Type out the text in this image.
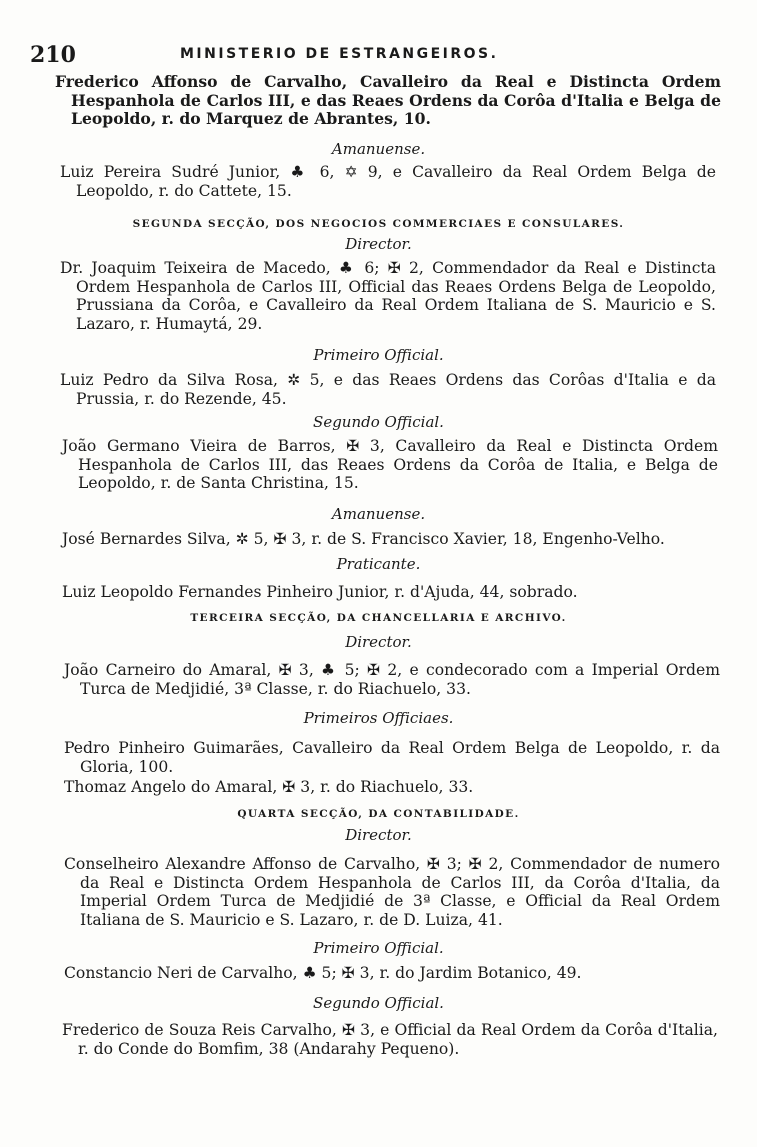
210	MINISTERIO DE ESTRANGEIROS.
Frederico Affonso de Carvalho, Cavalleiro da Real e Distincta Ordem Hespanhola de Carlos III, e das Reaes Ordens da Corôa d'Italia e Belga de Leopoldo, r. do Marquez de Abrantes, 10.
Amanuense.
Luiz Pereira Sudré Junior, ♣ 6, ✡ 9, e Cavalleiro da Real Ordem Belga de Leopoldo, r. do Cattete, 15.
SEGUNDA SECÇÃO, DOS NEGOCIOS COMMERCIAES E CONSULARES.
Director.
Dr. Joaquim Teixeira de Macedo, ♣ 6; ✠ 2, Commendador da Real e Distincta Ordem Hespanhola de Carlos III, Official das Reaes Ordens Belga de Leopoldo, Prussiana da Corôa, e Cavalleiro da Real Ordem Italiana de S. Mauricio e S. Lazaro, r. Humaytá, 29.
Primeiro Official.
Luiz Pedro da Silva Rosa, ✲ 5, e das Reaes Ordens das Corôas d'Italia e da Prussia, r. do Rezende, 45.
Segundo Official.
João Germano Vieira de Barros, ✠ 3, Cavalleiro da Real e Distincta Ordem Hespanhola de Carlos III, das Reaes Ordens da Corôa de Italia, e Belga de Leopoldo, r. de Santa Christina, 15.
Amanuense.
José Bernardes Silva, ✲ 5, ✠ 3, r. de S. Francisco Xavier, 18, Engenho-Velho.
Praticante.
Luiz Leopoldo Fernandes Pinheiro Junior, r. d'Ajuda, 44, sobrado.
TERCEIRA SECÇÃO, DA CHANCELLARIA E ARCHIVO.
Director.
João Carneiro do Amaral, ✠ 3, ♣ 5; ✠ 2, e condecorado com a Imperial Ordem Turca de Medjidié, 3ª Classe, r. do Riachuelo, 33.
Primeiros Officiaes.
Pedro Pinheiro Guimarães, Cavalleiro da Real Ordem Belga de Leopoldo, r. da Gloria, 100.
Thomaz Angelo do Amaral, ✠ 3, r. do Riachuelo, 33.
QUARTA SECÇÃO, DA CONTABILIDADE.
Director.
Conselheiro Alexandre Affonso de Carvalho, ✠ 3; ✠ 2, Commendador de numero da Real e Distincta Ordem Hespanhola de Carlos III, da Corôa d'Italia, da Imperial Ordem Turca de Medjidié de 3ª Classe, e Official da Real Ordem Italiana de S. Mauricio e S. Lazaro, r. de D. Luiza, 41.
Primeiro Official.
Constancio Neri de Carvalho, ♣ 5; ✠ 3, r. do Jardim Botanico, 49.
Segundo Official.
Frederico de Souza Reis Carvalho, ✠ 3, e Official da Real Ordem da Corôa d'Italia, r. do Conde do Bomfim, 38 (Andarahy Pequeno).
